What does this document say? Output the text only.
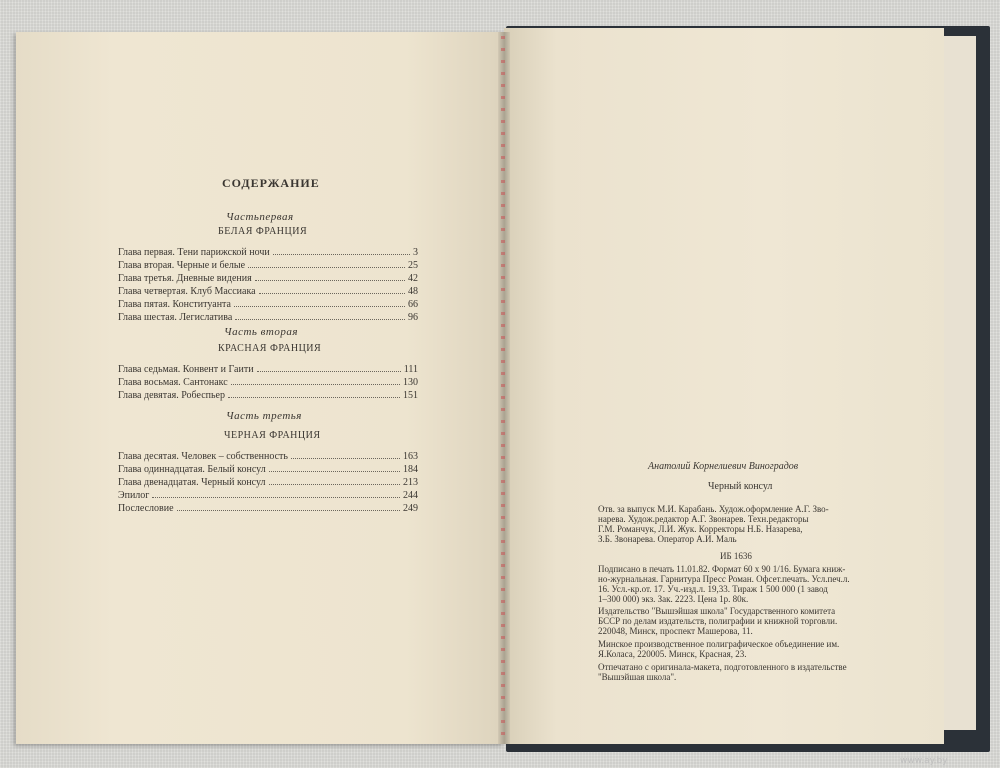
СОДЕРЖАНИЕ
Частьпервая
БЕЛАЯ ФРАНЦИЯ
Глава первая. Тени парижской ночи	3
Глава вторая. Черные и белые	25
Глава третья. Дневные видения	42
Глава четвертая. Клуб Массиака	48
Глава пятая. Конституанта	66
Глава шестая. Легислатива	96
Часть вторая
КРАСНАЯ ФРАНЦИЯ
Глава седьмая. Конвент и Гаити	111
Глава восьмая. Сантонакс	130
Глава девятая. Робеспьер	151
Часть третья
ЧЕРНАЯ ФРАНЦИЯ
Глава десятая. Человек – собственность	163
Глава одиннадцатая. Белый консул	184
Глава двенадцатая. Черный консул	213
Эпилог	244
Послесловие	249
Анатолий Корнелиевич Виноградов
Черный консул
Отв. за выпуск М.И. Карабань. Худож.оформление А.Г. Зво-
нарева. Худож.редактор А.Г. Звонарев. Техн.редакторы
Г.М. Романчук, Л.И. Жук. Корректоры Н.Б. Назарева,
З.Б. Звонарева. Оператор А.И. Маль
ИБ 1636
Подписано в печать 11.01.82. Формат 60 х 90 1/16. Бумага книж-
но-журнальная. Гарнитура Пресс Роман. Офсет.печать. Усл.печ.л.
16. Усл.-кр.от. 17. Уч.-изд.л. 19,33. Тираж 1 500 000 (1 завод
1–300 000) экз. Зак. 2223. Цена 1р. 80к.
Издательство "Вышэйшая школа" Государственного комитета
БССР по делам издательств, полиграфии и книжной торговли.
220048, Минск, проспект Машерова, 11.
Минское производственное полиграфическое объединение им.
Я.Коласа, 220005. Минск, Красная, 23.
Отпечатано с оригинала-макета, подготовленного в издательстве
"Вышэйшая школа".
www.ay.by
